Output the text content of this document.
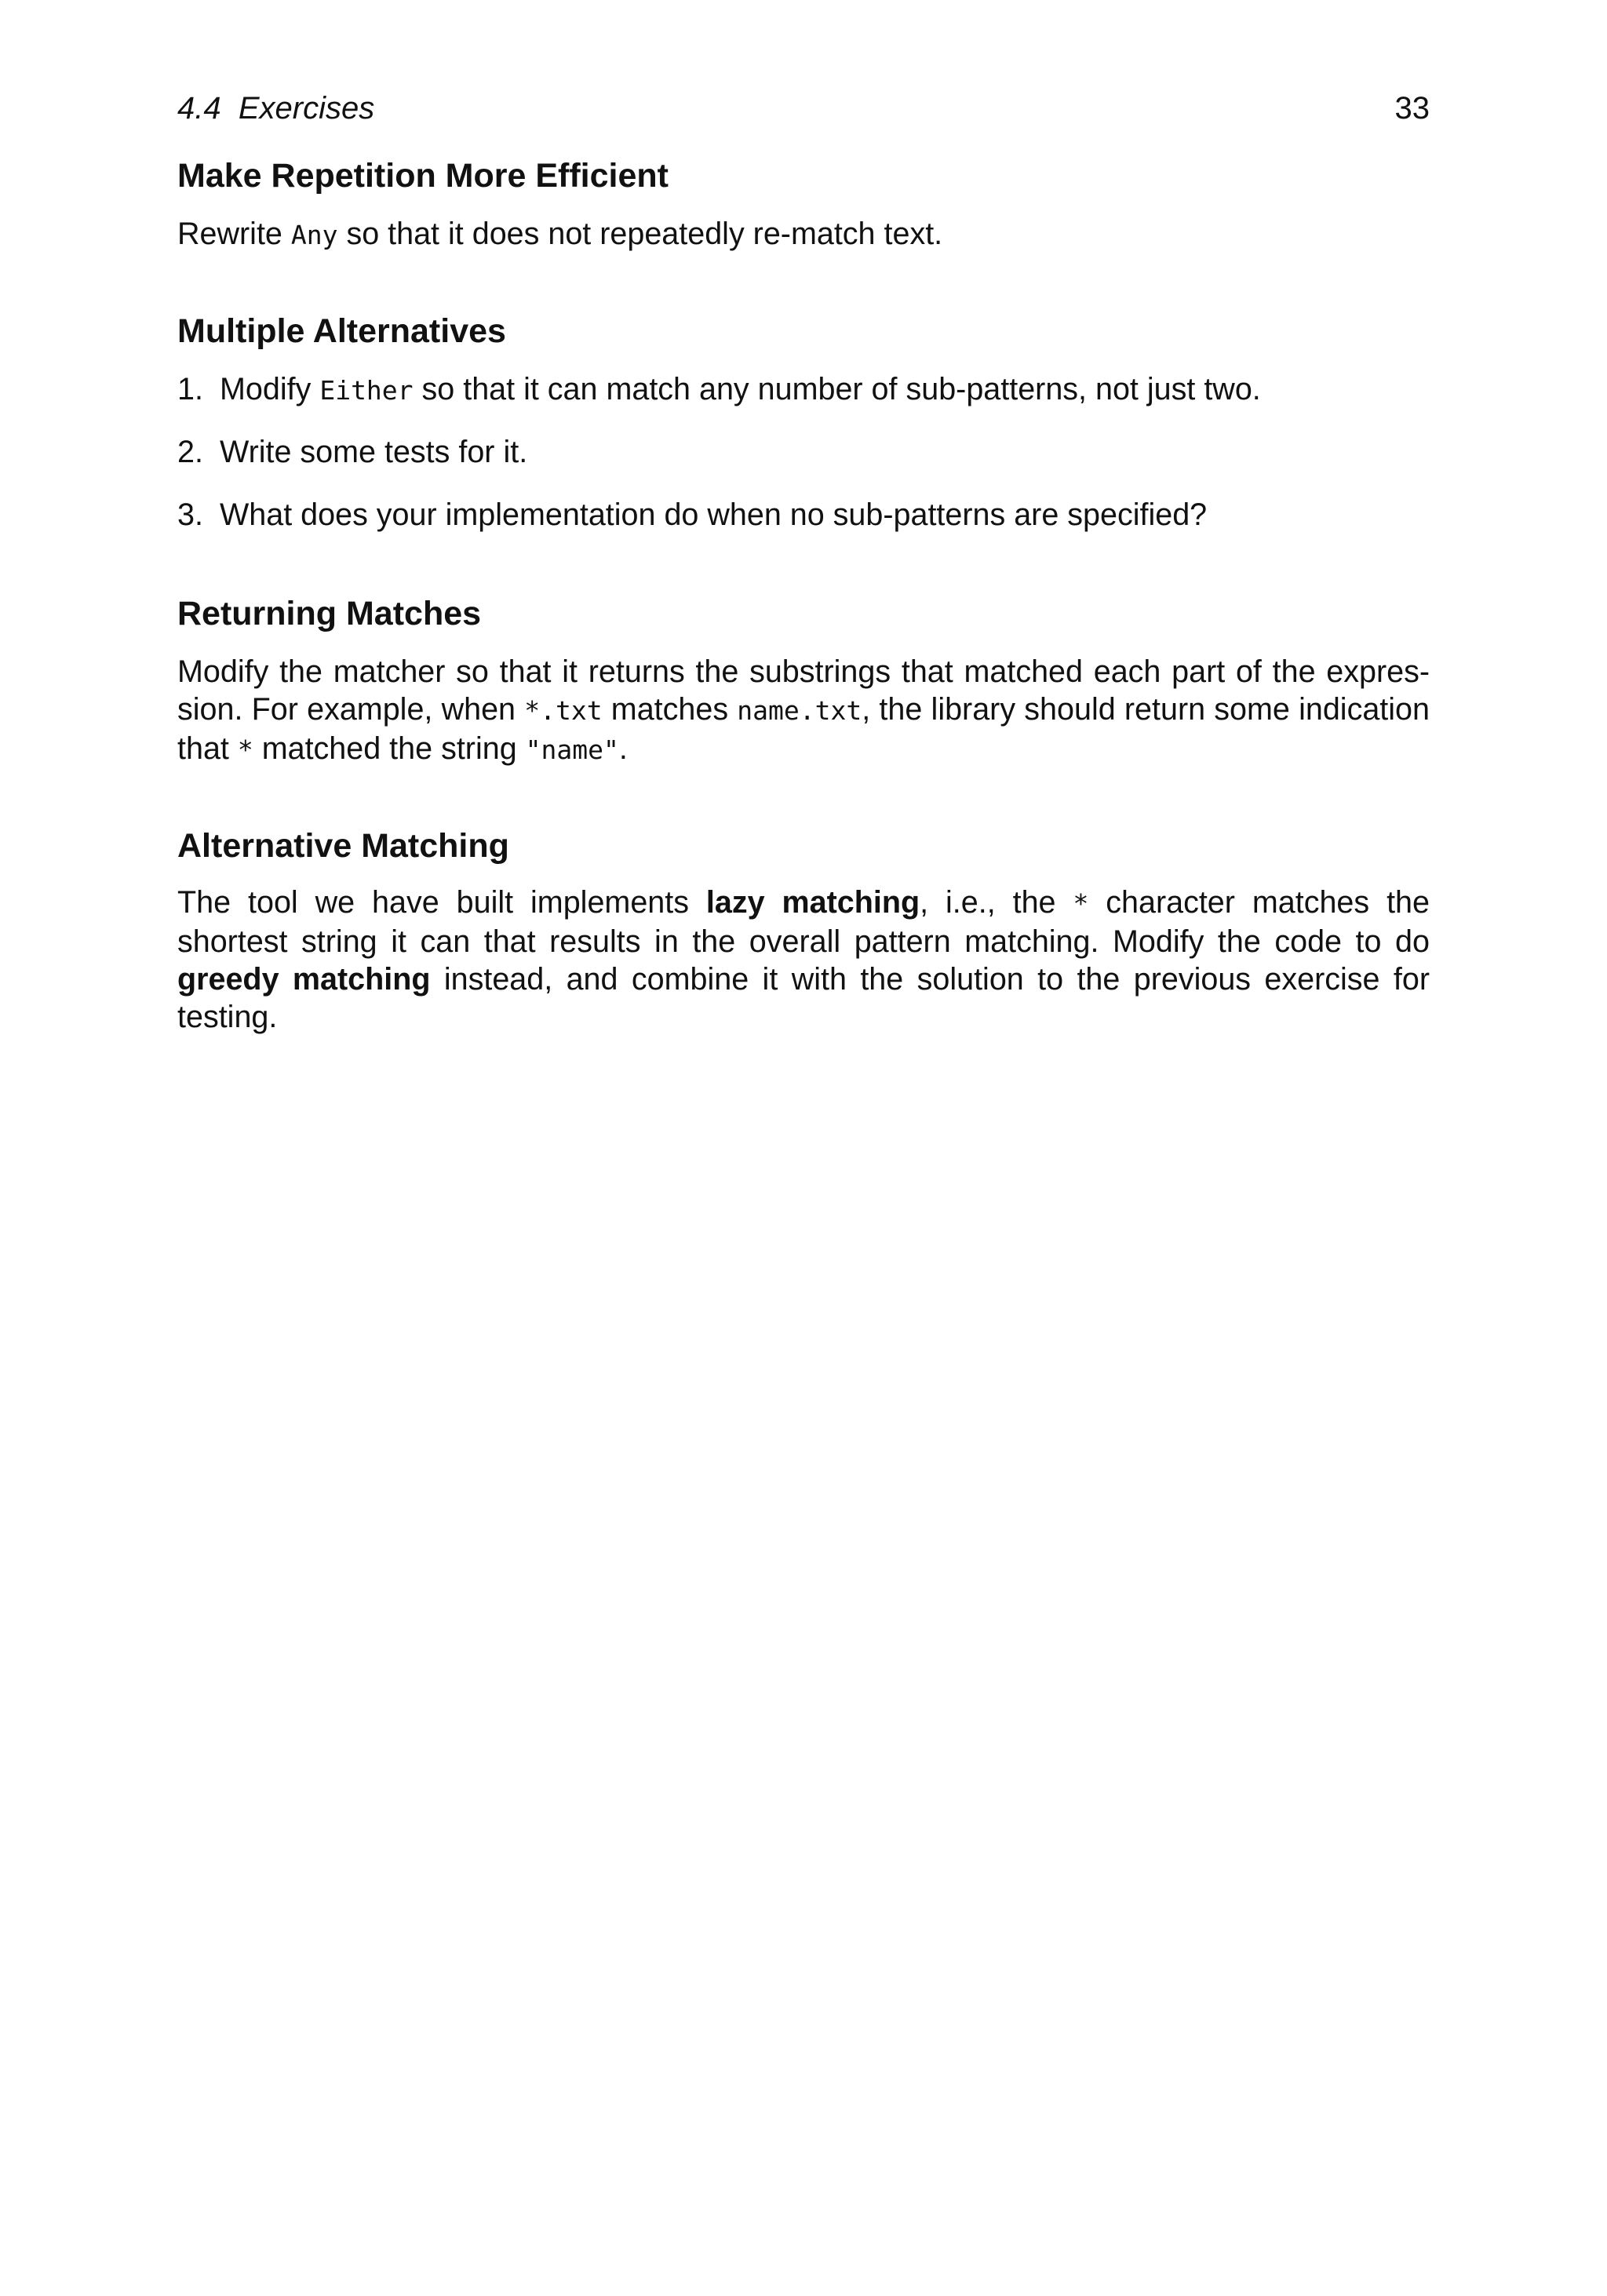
4.4 Exercises	33
Make Repetition More Efficient

Rewrite Any so that it does not repeatedly re-match text.

Multiple Alternatives
1. Modify Either so that it can match any number of sub-patterns, not just two.
2. Write some tests for it.
3. What does your implementation do when no sub-patterns are specified?
Returning Matches

Modify the matcher so that it returns the substrings that matched each part of the expres- sion. For example, when *.txt matches name.txt, the library should return some indication that * matched the string "name".

Alternative Matching

The tool we have built implements lazy matching, i.e., the * character matches the shortest string it can that results in the overall pattern matching. Modify the code to do greedy matching instead, and combine it with the solution to the previous exercise for testing.
